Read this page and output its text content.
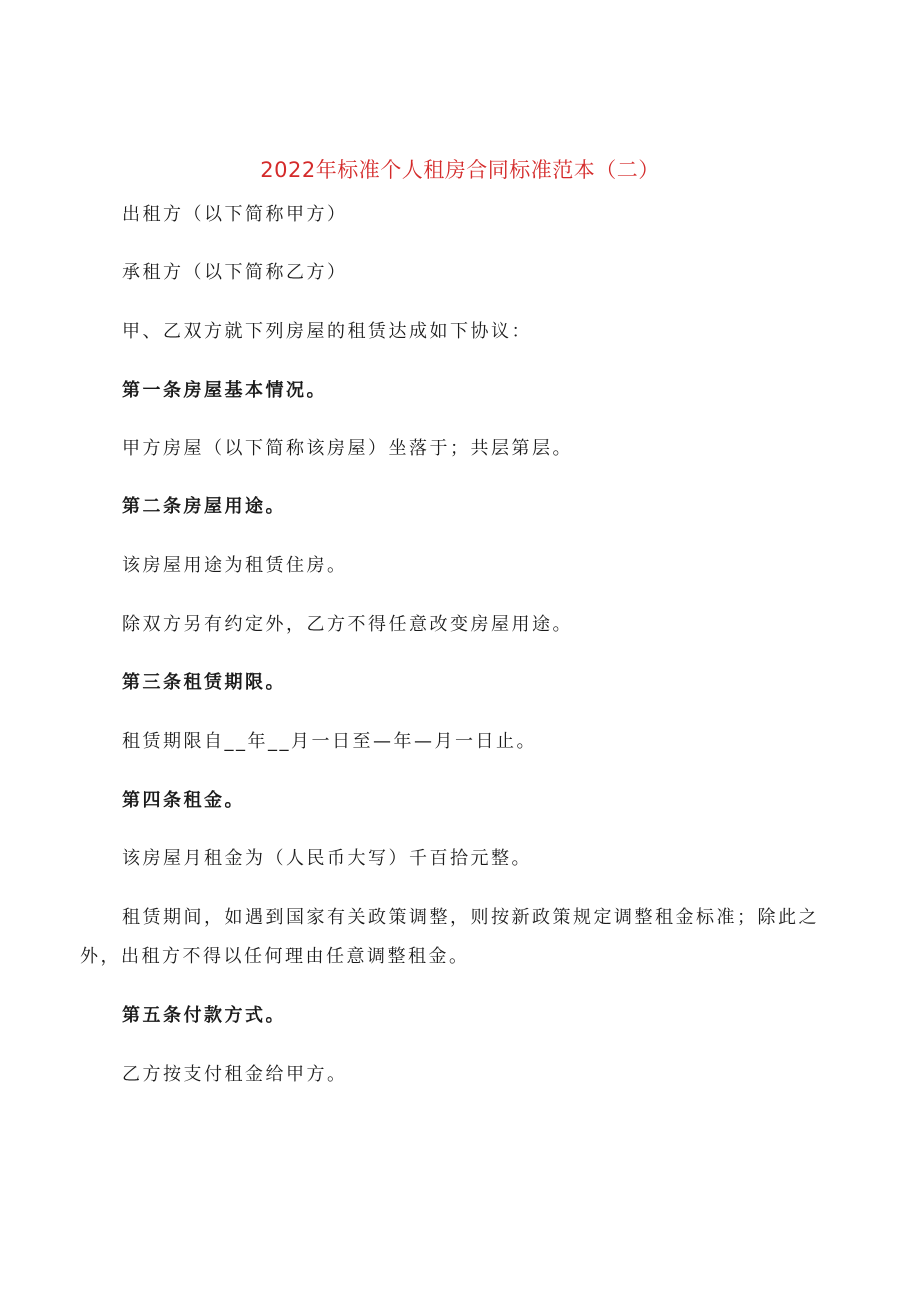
2022年标准个人租房合同标准范本（二）
出租方（以下简称甲方）
承租方（以下简称乙方）
甲、乙双方就下列房屋的租赁达成如下协议：
第一条房屋基本情况。
甲方房屋（以下简称该房屋）坐落于；共层第层。
第二条房屋用途。
该房屋用途为租赁住房。
除双方另有约定外，乙方不得任意改变房屋用途。
第三条租赁期限。
租赁期限自__年__月一日至—年—月一日止。
第四条租金。
该房屋月租金为（人民币大写）千百拾元整。
租赁期间，如遇到国家有关政策调整，则按新政策规定调整租金标准；除此之
外，出租方不得以任何理由任意调整租金。
第五条付款方式。
乙方按支付租金给甲方。
